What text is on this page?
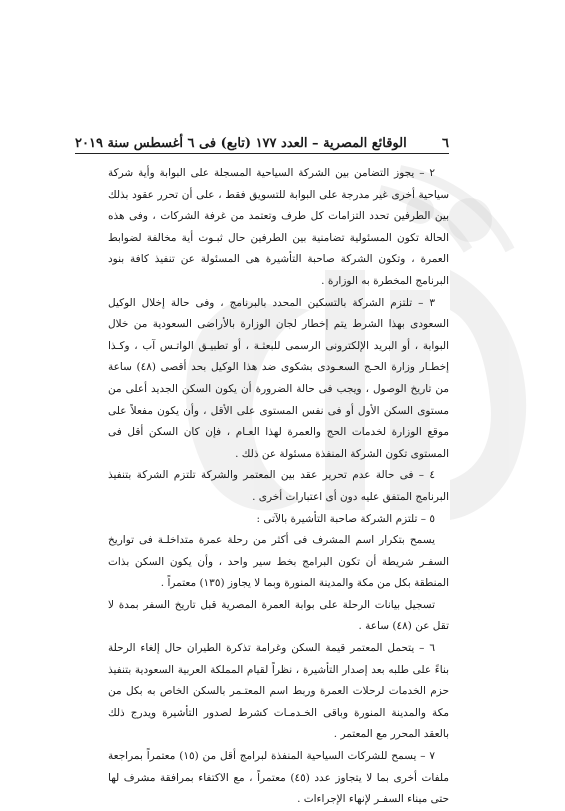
٦
الوقائع المصرية – العدد ١٧٧ (تابع) فى ٦ أغسطس سنة ٢٠١٩

٢ – يجوز التضامن بين الشركة السياحية المسجلة على البوابة وأية شركة سياحية أخرى غير مدرجة على البوابة للتسويق فقط ، على أن تحرر عقود بذلك بين الطرفين تحدد التزامات كل طرف وتعتمد من غرفة الشركات ، وفى هذه الحالة تكون المسئولية تضامنية بين الطرفين حال ثبـوت أية مخالفة لضوابط العمرة ، وتكون الشركة صاحبة التأشيرة هى المسئولة عن تنفيذ كافة بنود البرنامج المخطرة به الوزارة .

٣ – تلتزم الشركة بالتسكين المحدد بالبرنامج ، وفى حالة إخلال الوكيل السعودى بهذا الشرط يتم إخطار لجان الوزارة بالأراضى السعودية من خلال البوابة ، أو البريد الإلكترونى الرسمى للبعثـة ، أو تطبيـق الواتـس آب ، وكـذا إخطـار وزارة الحـج السعـودى بشكوى ضد هذا الوكيل بحد أقصى (٤٨) ساعة من تاريخ الوصول ، ويجب فى حالة الضرورة أن يكون السكن الجديد أعلى من مستوى السكن الأول أو فى نفس المستوى على الأقل ، وأن يكون مفعلاً على موقع الوزارة لخدمات الحج والعمرة لهذا العـام ، فإن كان السكن أقل فى المستوى تكون الشركة المنفذة مسئولة عن ذلك .

٤ – فى حالة عدم تحرير عقد بين المعتمر والشركة تلتزم الشركة بتنفيذ البرنامج المتفق عليه دون أى اعتبارات أخرى .

٥ – تلتزم الشركة صاحبة التأشيرة بالآتى :

يسمح بتكرار اسم المشرف فى أكثر من رحلة عمرة متداخلـة فى تواريخ السفـر شريطة أن تكون البرامج بخط سير واحد ، وأن يكون السكن بذات المنطقة بكل من مكة والمدينة المنورة وبما لا يجاوز (١٣٥) معتمراً .

تسجيل بيانات الرحلة على بوابة العمرة المصرية قبل تاريخ السفر بمدة لا تقل عن (٤٨) ساعة .

٦ – يتحمل المعتمر قيمة السكن وغرامة تذكرة الطيران حال إلغاء الرحلة بناءً على طلبه بعد إصدار التأشيرة ، نظراً لقيام المملكة العربية السعودية بتنفيذ حزم الخدمات لرحلات العمرة وربط اسم المعتـمر بالسكن الخاص به بكل من مكة والمدينة المنورة وباقى الخـدمـات كشرط لصدور التأشيرة ويدرج ذلك بالعقد المحرر مع المعتمر .

٧ – يسمح للشركات السياحية المنفذة لبرامج أقل من (١٥) معتمراً بمراجعة ملفات أخرى بما لا يتجاوز عدد (٤٥) معتمراً ، مع الاكتفاء بمرافقة مشرف لها حتى ميناء السفـر لإنهاء الإجراءات .
